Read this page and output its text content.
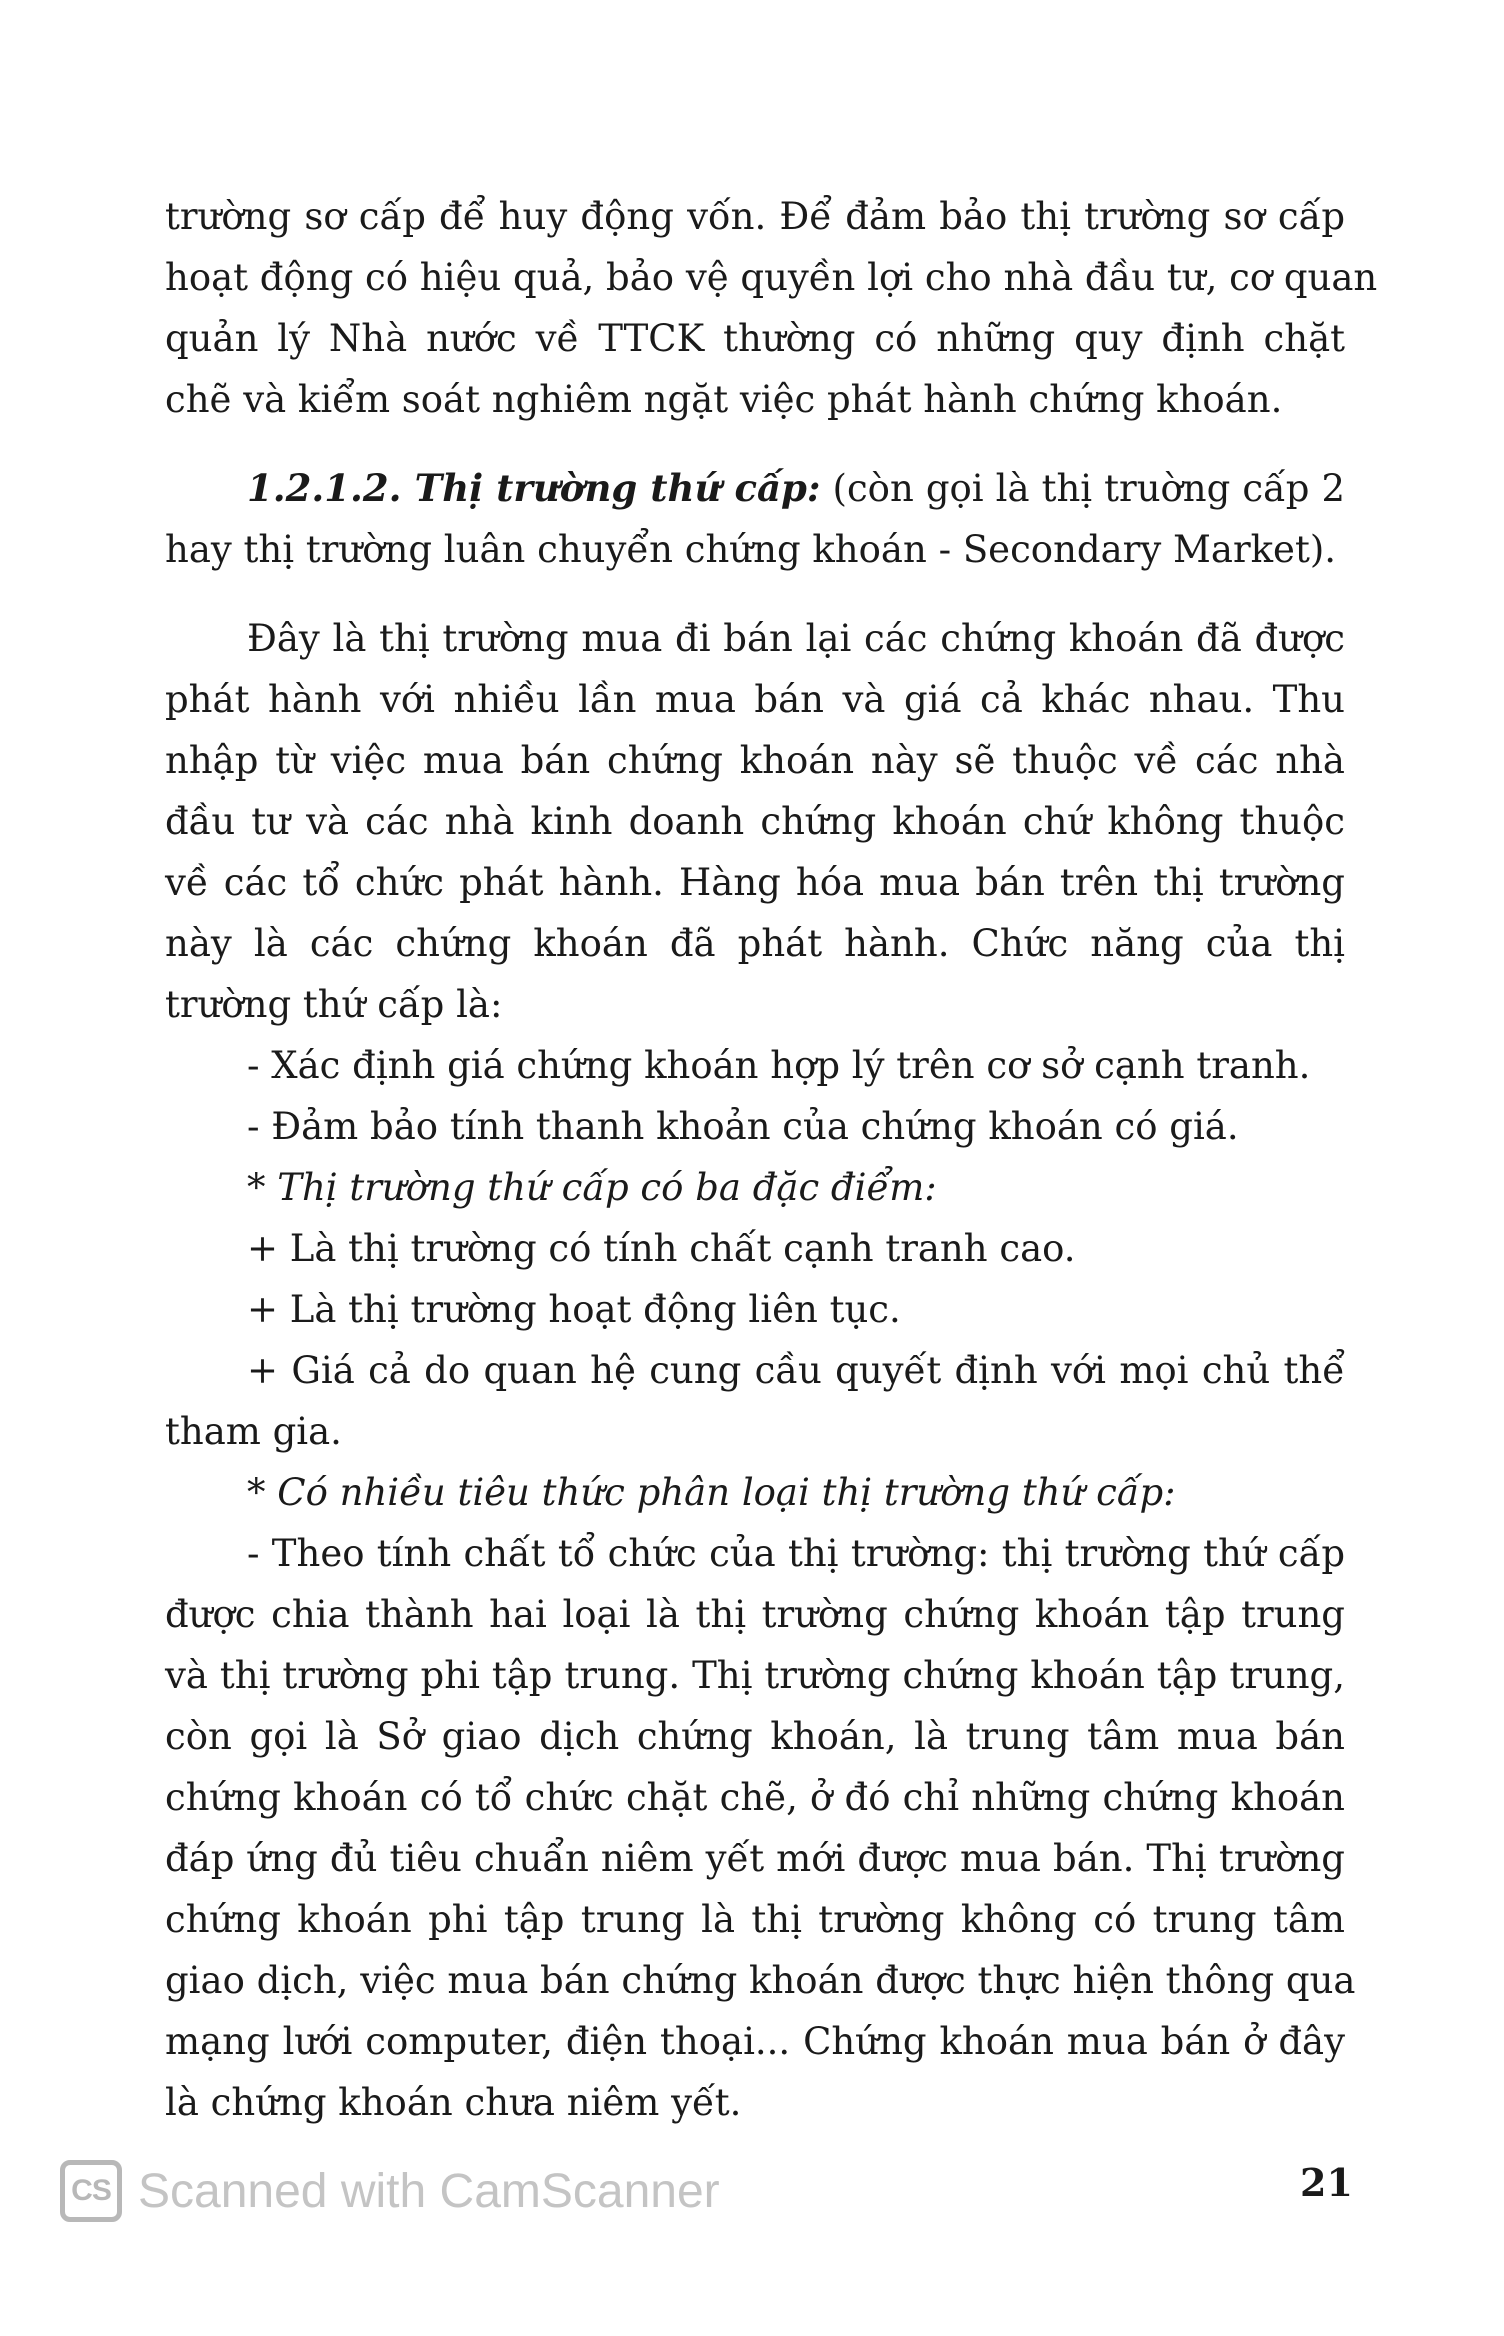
trường sơ cấp để huy động vốn. Để đảm bảo thị trường sơ cấp
hoạt động có hiệu quả, bảo vệ quyền lợi cho nhà đầu tư, cơ quan
quản lý Nhà nước về TTCK thường có những quy định chặt
chẽ và kiểm soát nghiêm ngặt việc phát hành chứng khoán.
1.2.1.2. Thị trường thứ cấp: (còn gọi là thị truờng cấp 2
hay thị trường luân chuyển chứng khoán - Secondary Market).
Đây là thị trường mua đi bán lại các chứng khoán đã được
phát hành với nhiều lần mua bán và giá cả khác nhau. Thu
nhập từ việc mua bán chứng khoán này sẽ thuộc về các nhà
đầu tư và các nhà kinh doanh chứng khoán chứ không thuộc
về các tổ chức phát hành. Hàng hóa mua bán trên thị trường
này là các chứng khoán đã phát hành. Chức năng của thị
trường thứ cấp là:
- Xác định giá chứng khoán hợp lý trên cơ sở cạnh tranh.
- Đảm bảo tính thanh khoản của chứng khoán có giá.
* Thị trường thứ cấp có ba đặc điểm:
+ Là thị trường có tính chất cạnh tranh cao.
+ Là thị trường hoạt động liên tục.
+ Giá cả do quan hệ cung cầu quyết định với mọi chủ thể
tham gia.
* Có nhiều tiêu thức phân loại thị trường thứ cấp:
- Theo tính chất tổ chức của thị trường: thị trường thứ cấp
được chia thành hai loại là thị trường chứng khoán tập trung
và thị trường phi tập trung. Thị trường chứng khoán tập trung,
còn gọi là Sở giao dịch chứng khoán, là trung tâm mua bán
chứng khoán có tổ chức chặt chẽ, ở đó chỉ những chứng khoán
đáp ứng đủ tiêu chuẩn niêm yết mới được mua bán. Thị trường
chứng khoán phi tập trung là thị trường không có trung tâm
giao dịch, việc mua bán chứng khoán được thực hiện thông qua
mạng lưới computer, điện thoại... Chứng khoán mua bán ở đây
là chứng khoán chưa niêm yết.
CS Scanned with CamScanner	21
